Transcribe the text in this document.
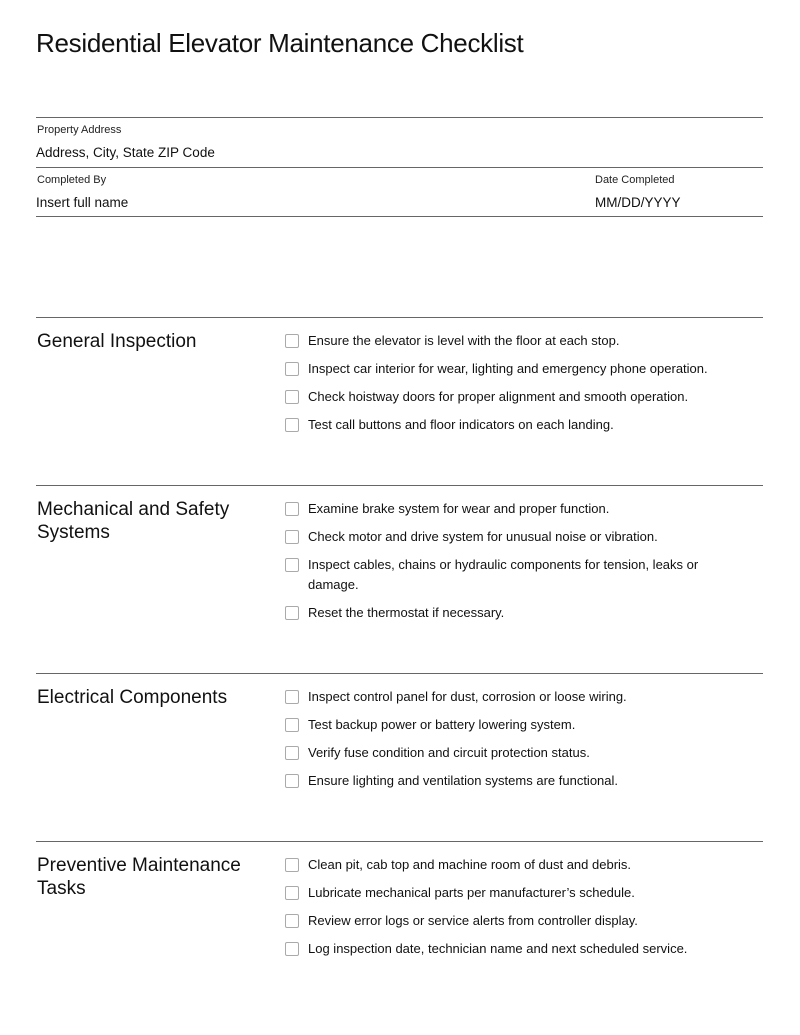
Residential Elevator Maintenance Checklist
Property Address
Address, City, State ZIP Code
Completed By
Insert full name
Date Completed
MM/DD/YYYY
General Inspection	Ensure the elevator is level with the floor at each stop.
Inspect car interior for wear, lighting and emergency phone operation.
Check hoistway doors for proper alignment and smooth operation.
Test call buttons and floor indicators on each landing.
Mechanical and Safety Systems
Examine brake system for wear and proper function.
Check motor and drive system for unusual noise or vibration.
Inspect cables, chains or hydraulic components for tension, leaks or damage.
Reset the thermostat if necessary.
Electrical Components	Inspect control panel for dust, corrosion or loose wiring.
Test backup power or battery lowering system.
Verify fuse condition and circuit protection status.
Ensure lighting and ventilation systems are functional.
Preventive Maintenance Tasks
Clean pit, cab top and machine room of dust and debris.
Lubricate mechanical parts per manufacturer’s schedule.
Review error logs or service alerts from controller display.
Log inspection date, technician name and next scheduled service.
